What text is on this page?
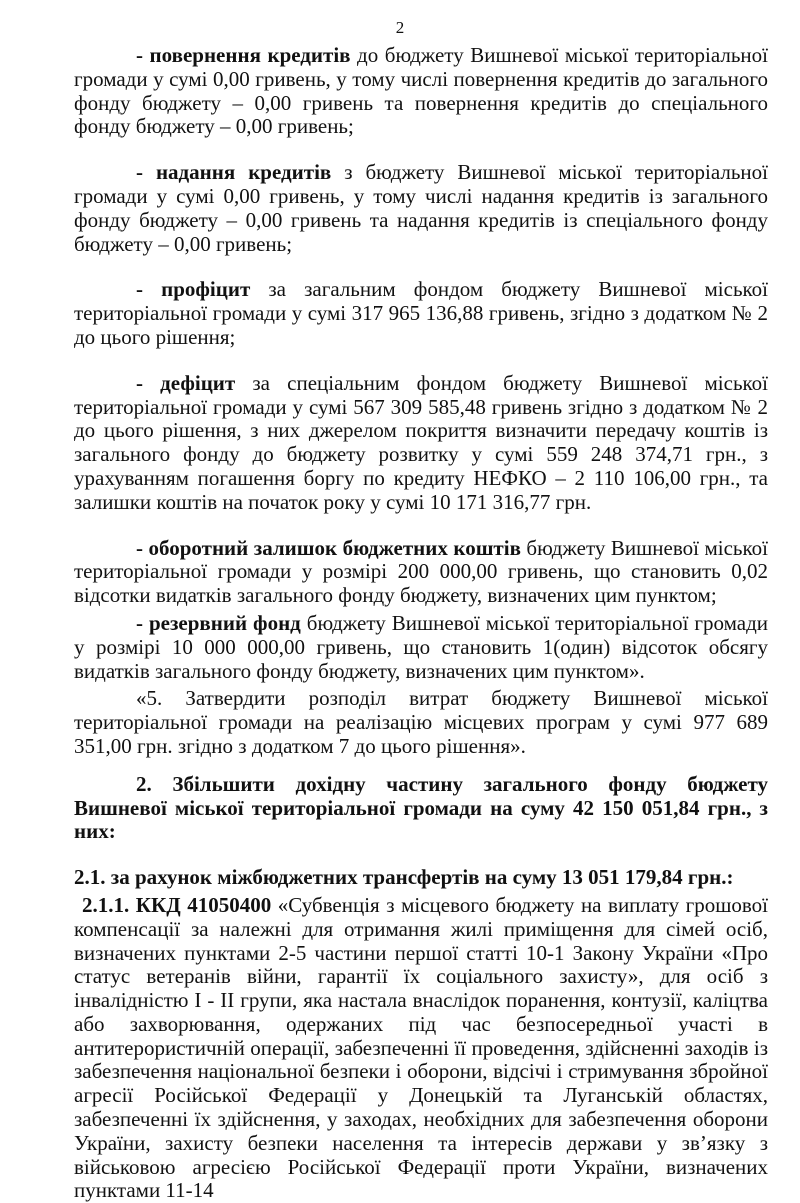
2

- повернення кредитів до бюджету Вишневої міської територіальної громади у сумі 0,00 гривень, у тому числі повернення кредитів до загального фонду бюджету – 0,00 гривень та повернення кредитів до спеціального фонду бюджету – 0,00 гривень;

- надання кредитів з бюджету Вишневої міської територіальної громади у сумі 0,00 гривень, у тому числі надання кредитів із загального фонду бюджету – 0,00 гривень та надання кредитів із спеціального фонду бюджету – 0,00 гривень;

- профіцит за загальним фондом бюджету Вишневої міської територіальної громади у сумі 317 965 136,88 гривень, згідно з додатком № 2 до цього рішення;

- дефіцит за спеціальним фондом бюджету Вишневої міської територіальної громади у сумі 567 309 585,48 гривень згідно з додатком № 2 до цього рішення, з них джерелом покриття визначити передачу коштів із загального фонду до бюджету розвитку у сумі 559 248 374,71 грн., з урахуванням погашення боргу по кредиту НЕФКО – 2 110 106,00 грн., та залишки коштів на початок року у сумі 10 171 316,77 грн.

- оборотний залишок бюджетних коштів бюджету Вишневої міської територіальної громади у розмірі 200 000,00 гривень, що становить 0,02 відсотки видатків загального фонду бюджету, визначених цим пунктом;

- резервний фонд бюджету Вишневої міської територіальної громади у розмірі 10 000 000,00 гривень, що становить 1(один) відсоток обсягу видатків загального фонду бюджету, визначених цим пунктом».

«5. Затвердити розподіл витрат бюджету Вишневої міської територіальної громади на реалізацію місцевих програм у сумі 977 689 351,00 грн. згідно з додатком 7 до цього рішення».

2. Збільшити дохідну частину загального фонду бюджету Вишневої міської територіальної громади на суму 42 150 051,84 грн., з них:

2.1. за рахунок міжбюджетних трансфертів на суму 13 051 179,84 грн.:

2.1.1. ККД 41050400 «Субвенція з місцевого бюджету на виплату грошової компенсації за належні для отримання жилі приміщення для сімей осіб, визначених пунктами 2-5 частини першої статті 10-1 Закону України «Про статус ветеранів війни, гарантії їх соціального захисту», для осіб з інвалідністю I - II групи, яка настала внаслідок поранення, контузії, каліцтва або захворювання, одержаних під час безпосередньої участі в антитерористичній операції, забезпеченні її проведення, здійсненні заходів із забезпечення національної безпеки і оборони, відсічі і стримування збройної агресії Російської Федерації у Донецькій та Луганській областях, забезпеченні їх здійснення, у заходах, необхідних для забезпечення оборони України, захисту безпеки населення та інтересів держави у зв’язку з військовою агресією Російської Федерації проти України, визначених пунктами 11-14
